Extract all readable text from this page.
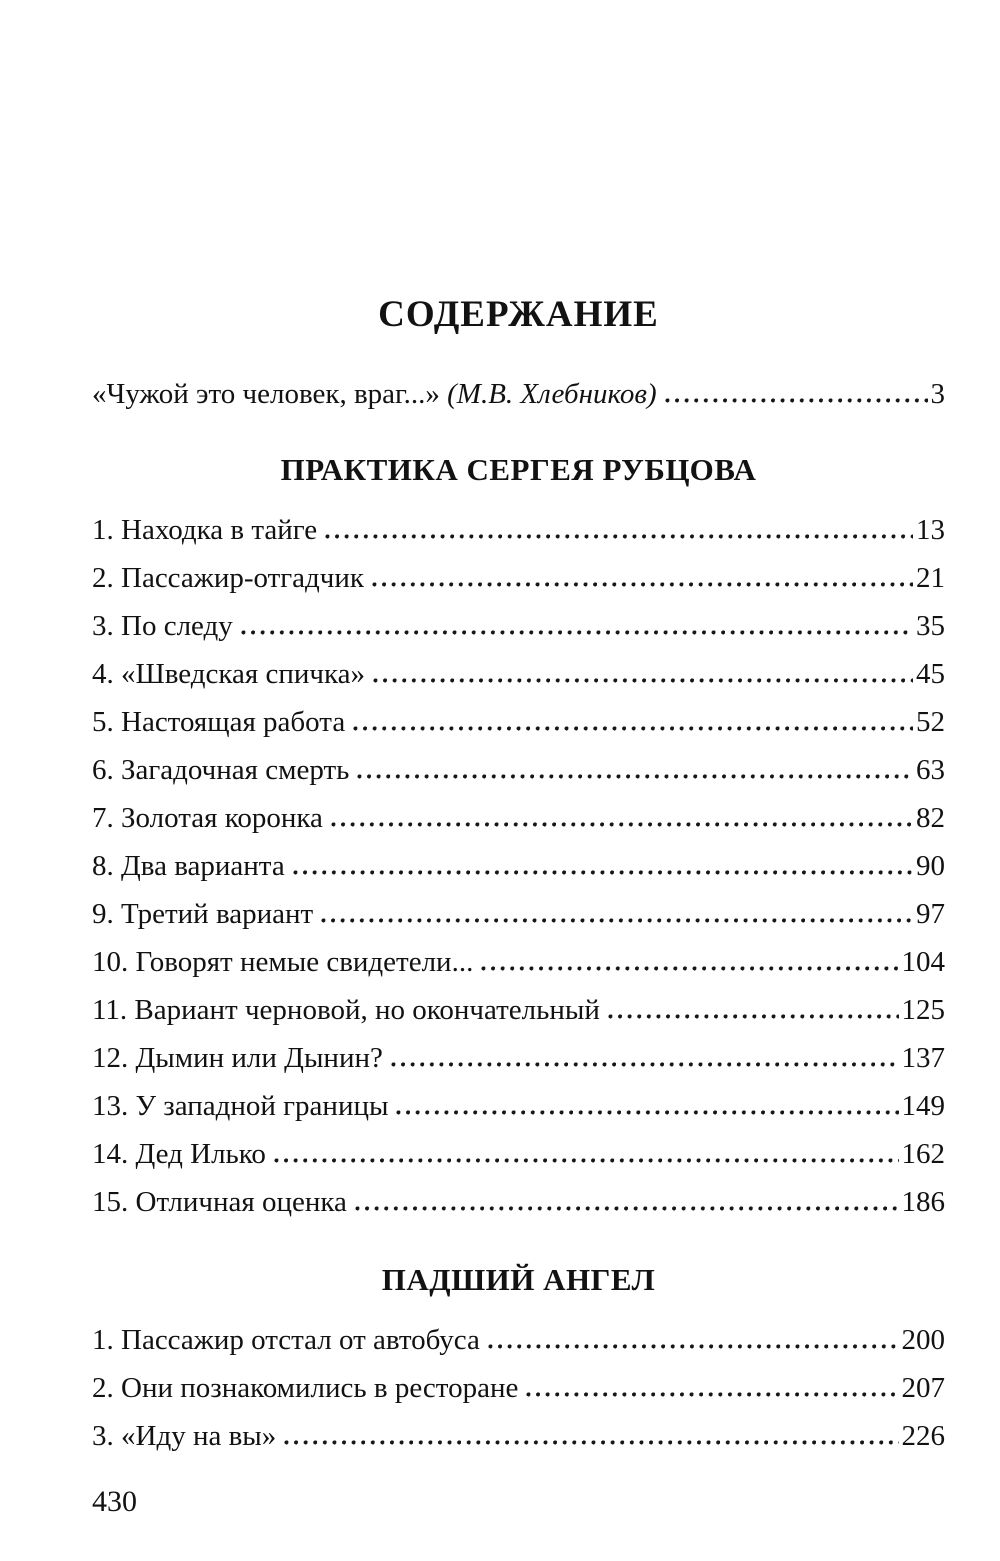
СОДЕРЖАНИЕ
«Чужой это человек, враг...» (М.В. Хлебников)	3
ПРАКТИКА СЕРГЕЯ РУБЦОВА
1. Находка в тайге	13
2. Пассажир-отгадчик	21
3. По следу	35
4. «Шведская спичка»	45
5. Настоящая работа	52
6. Загадочная смерть	63
7. Золотая коронка	82
8. Два варианта	90
9. Третий вариант	97
10. Говорят немые свидетели...	104
11. Вариант черновой, но окончательный	125
12. Дымин или Дынин?	137
13. У западной границы	149
14. Дед Илько	162
15. Отличная оценка	186
ПАДШИЙ АНГЕЛ
1. Пассажир отстал от автобуса	200
2. Они познакомились в ресторане	207
3. «Иду на вы»	226
430
